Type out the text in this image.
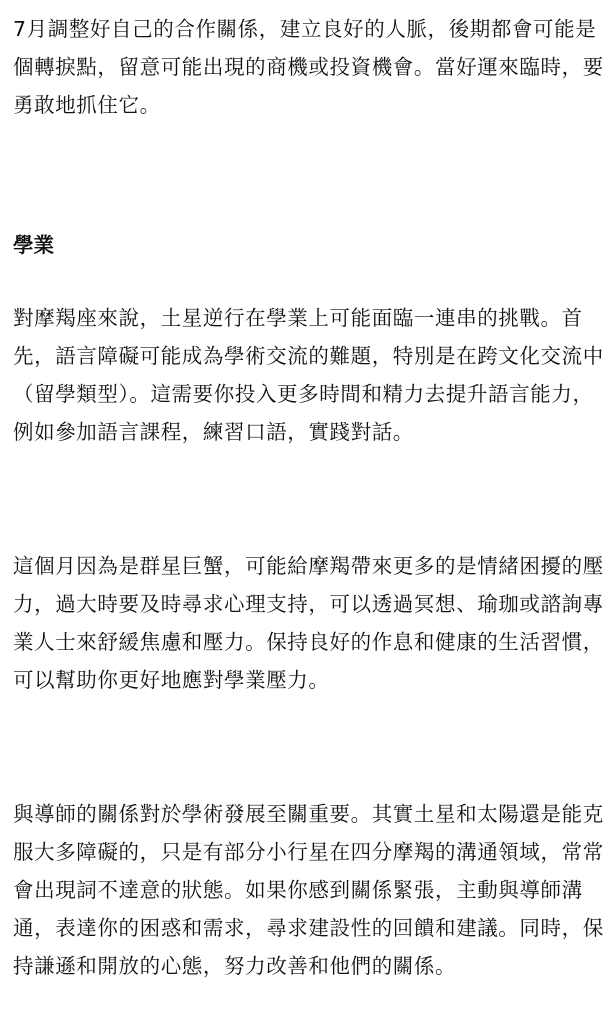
7月調整好自己的合作關係，建立良好的人脈，後期都會可能是個轉捩點，留意可能出現的商機或投資機會。當好運來臨時，要勇敢地抓住它。

學業

對摩羯座來說，土星逆行在學業上可能面臨一連串的挑戰。首先，語言障礙可能成為學術交流的難題，特別是在跨文化交流中（留學類型）。這需要你投入更多時間和精力去提升語言能力，例如參加語言課程，練習口語，實踐對話。

這個月因為是群星巨蟹，可能給摩羯帶來更多的是情緒困擾的壓力，過大時要及時尋求心理支持，可以透過冥想、瑜珈或諮詢專業人士來舒緩焦慮和壓力。保持良好的作息和健康的生活習慣，可以幫助你更好地應對學業壓力。

與導師的關係對於學術發展至關重要。其實土星和太陽還是能克服大多障礙的，只是有部分小行星在四分摩羯的溝通領域，常常會出現詞不達意的狀態。如果你感到關係緊張，主動與導師溝通，表達你的困惑和需求，尋求建設性的回饋和建議。同時，保持謙遜和開放的心態，努力改善和他們的關係。
